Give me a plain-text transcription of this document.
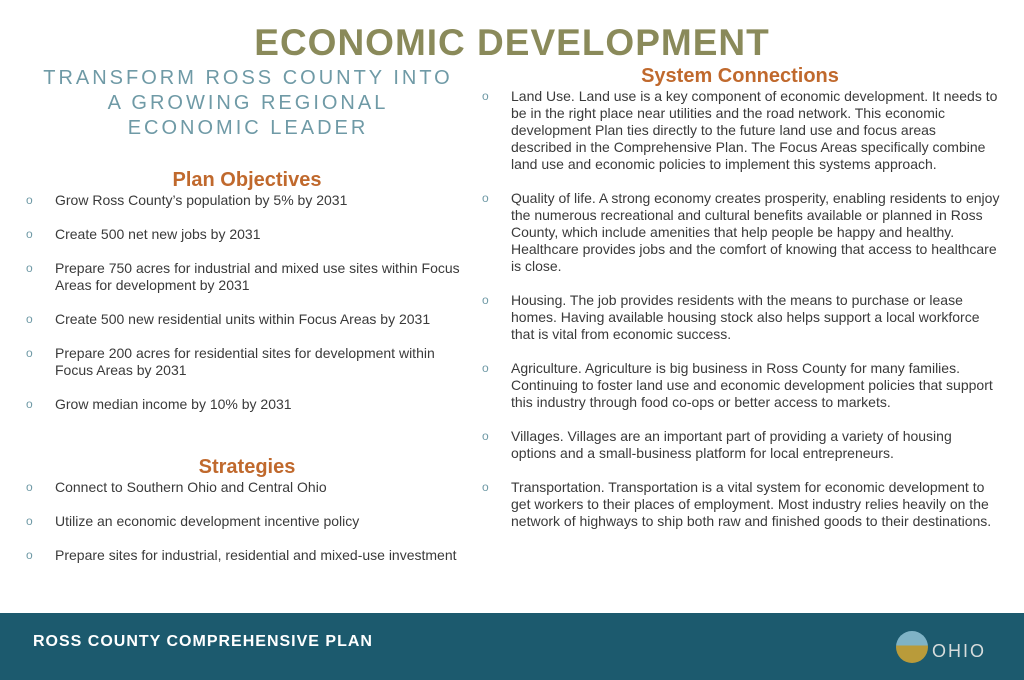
ECONOMIC DEVELOPMENT

TRANSFORM ROSS COUNTY INTO A GROWING REGIONAL ECONOMIC LEADER

Plan Objectives
o Grow Ross County’s population by 5% by 2031
o Create 500 net new jobs by 2031
o Prepare 750 acres for industrial and mixed use sites within Focus Areas for development by 2031
o Create 500 new residential units within Focus Areas by 2031
o Prepare 200 acres for residential sites for development within Focus Areas by 2031
o Grow median income by 10% by 2031
Strategies
o Connect to Southern Ohio and Central Ohio
o Utilize an economic development incentive policy
o Prepare sites for industrial, residential and mixed-use investment
System Connections
o Land Use. Land use is a key component of economic development. It needs to be in the right place near utilities and the road network. This economic development Plan ties directly to the future land use and focus areas described in the Comprehensive Plan. The Focus Areas specifically combine land use and economic policies to implement this systems approach.
o Quality of life. A strong economy creates prosperity, enabling residents to enjoy the numerous recreational and cultural benefits available or planned in Ross County, which include amenities that help people be happy and healthy. Healthcare provides jobs and the comfort of knowing that access to healthcare is close.
o Housing. The job provides residents with the means to purchase or lease homes. Having available housing stock also helps support a local workforce that is vital from economic success.
o Agriculture. Agriculture is big business in Ross County for many families. Continuing to foster land use and economic development policies that support this industry through food co-ops or better access to markets.
o Villages. Villages are an important part of providing a variety of housing options and a small-business platform for local entrepreneurs.
o Transportation. Transportation is a vital system for economic development to get workers to their places of employment. Most industry relies heavily on the network of highways to ship both raw and finished goods to their destinations.
ROSS COUNTY COMPREHENSIVE PLAN	OHIO
